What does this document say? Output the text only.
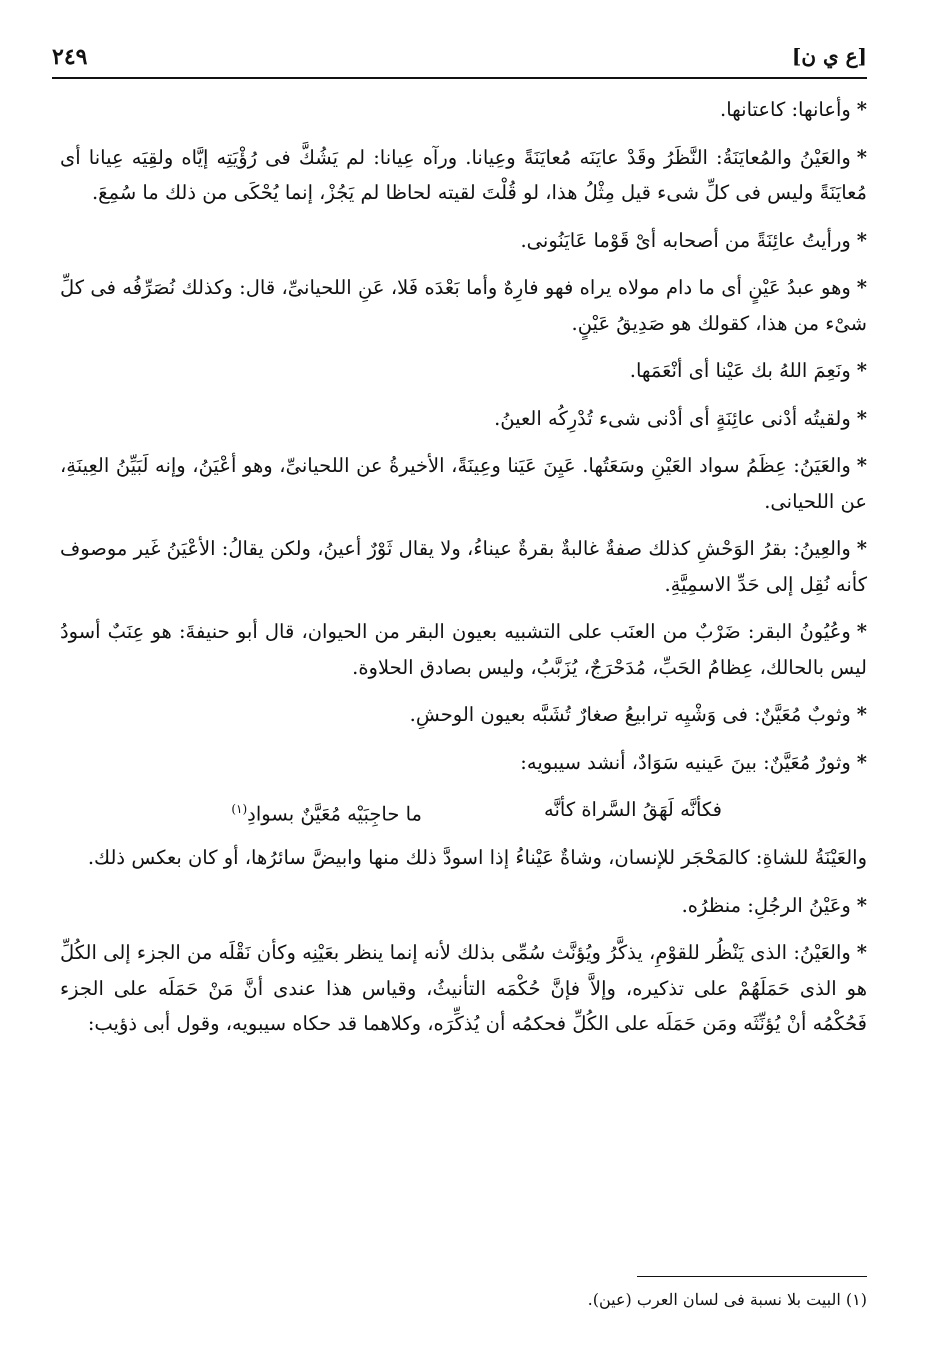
[ع ي ن]
٢٤٩

*وأعانها: كاعتانها.

*والعَيْنُ والمُعايَنَةُ: النَّظَرُ وقَدْ عايَنَه مُعايَنَةً وعِيانا. ورآه عِيانا: لم يَشُكَّ فى رُؤْيَتِه إيَّاه ولقِيَه عِيانا أى مُعايَنَةً وليس فى كلِّ شىء قيل مِثْلُ هذا، لو قُلْتَ لقيته لحاظا لم يَجُزْ، إنما يُحْكَى من ذلك ما سُمِعَ.

*ورأيتُ عائِنَةً من أصحابه أىْ قَوْما عَايَنُونى.

*وهو عبدُ عَيْنٍ أى ما دام مولاه يراه فهو فارِهٌ وأما بَعْدَه فَلا، عَنِ اللحيانىِّ، قال: وكذلك نُصَرِّفُه فى كلِّ شىْء من هذا، كقولك هو صَدِيقُ عَيْنٍ.

*ونَعِمَ اللهُ بك عَيْنا أى أنْعَمَها.

*ولقيتُه أدْنى عائِنَةٍ أى أدْنى شىء تُدْرِكُه العينُ.

*والعَيَنُ: عِظَمُ سواد العَيْنِ وسَعَتُها. عَيِنَ عَيَنا وعِينَةً، الأخيرةُ عن اللحيانىِّ، وهو أعْيَنُ، وإنه لَبَيِّنُ العِينَةِ، عن اللحيانى.

*والعِينُ: بقرُ الوَحْشِ كذلك صفةٌ غالبةٌ بقرةٌ عيناءُ، ولا يقال ثَوْرٌ أعينُ، ولكن يقالُ: الأعْيَنُ غَير موصوف كأنه نُقِل إلى حَدِّ الاسمِيَّةِ.

*وعُيُونُ البقر: ضَرْبٌ من العنَب على التشبيه بعيون البقر من الحيوان، قال أبو حنيفةَ: هو عِنَبٌ أسودُ ليس بالحالك، عِظامُ الحَبِّ، مُدَحْرَجٌ، يُزَبَّبُ، وليس بصادق الحلاوة.

*وثوبٌ مُعَيَّنٌ: فى وَشْيِه ترابيعُ صغارٌ تُشَبَّه بعيون الوحشِ.

*وثورٌ مُعَيَّنٌ: بينَ عَينيه سَوَادٌ، أنشد سيبويه:

فكأنَّه لَهَقُ السَّراة كأنَّه
ما حاجِبَيْه مُعَيَّنٌ بسوادِ$^{(١)}$

والعَيْنَةُ للشاةِ: كالمَحْجَر للإنسان، وشاةٌ عَيْناءُ إذا اسودَّ ذلك منها وابيضَّ سائرُها، أو كان بعكس ذلك.

*وعَيْنُ الرجُلِ: منظرُه.

*والعَيْنُ: الذى يَنْظُر للقوْمِ، يذكَّرُ ويُؤنَّث سُمِّى بذلك لأنه إنما ينظر بعَيْنِه وكأن نَقْلَه من الجزء إلى الكُلِّ هو الذى حَمَلَهُمْ على تذكيره، وإلاَّ فإنَّ حُكْمَه التأنيثُ، وقياس هذا عندى أنَّ مَنْ حَمَلَه على الجزء فَحُكْمُه أنْ يُؤنِّثَه ومَن حَمَلَه على الكُلِّ فحكمُه أن يُذكِّرَه، وكلاهما قد حكاه سيبويه، وقول أبى ذؤيب:

(١) البيت بلا نسبة فى لسان العرب (عين).
